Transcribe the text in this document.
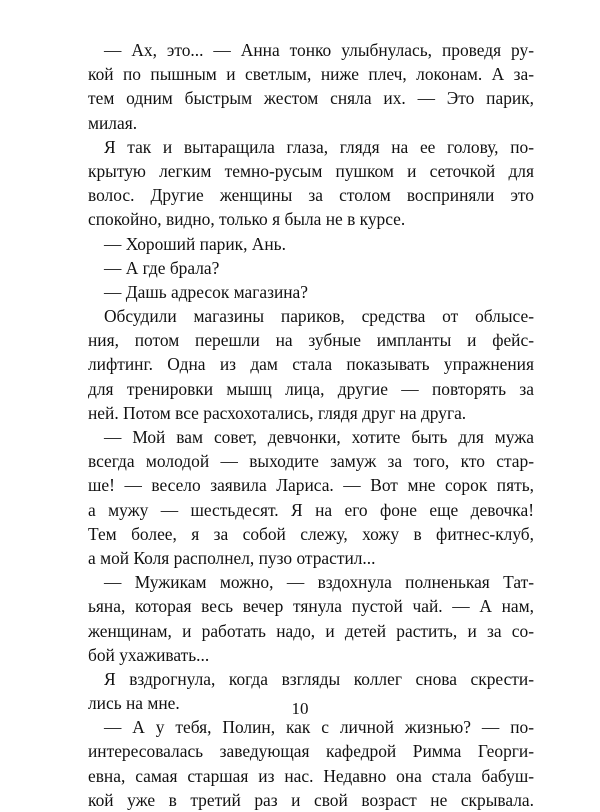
— Ах, это... — Анна тонко улыбнулась, проведя ру-
кой по пышным и светлым, ниже плеч, локонам. А за-
тем одним быстрым жестом сняла их. — Это парик,
милая.
Я так и вытаращила глаза, глядя на ее голову, по-
крытую легким темно-русым пушком и сеточкой для
волос. Другие женщины за столом восприняли это
спокойно, видно, только я была не в курсе.
— Хороший парик, Ань.
— А где брала?
— Дашь адресок магазина?
Обсудили магазины париков, средства от облысе-
ния, потом перешли на зубные импланты и фейс-
лифтинг. Одна из дам стала показывать упражнения
для тренировки мышц лица, другие — повторять за
ней. Потом все расхохотались, глядя друг на друга.
— Мой вам совет, девчонки, хотите быть для мужа
всегда молодой — выходите замуж за того, кто стар-
ше! — весело заявила Лариса. — Вот мне сорок пять,
а мужу — шестьдесят. Я на его фоне еще девочка!
Тем более, я за собой слежу, хожу в фитнес-клуб,
а мой Коля располнел, пузо отрастил...
— Мужикам можно, — вздохнула полненькая Тат-
ьяна, которая весь вечер тянула пустой чай. — А нам,
женщинам, и работать надо, и детей растить, и за со-
бой ухаживать...
Я вздрогнула, когда взгляды коллег снова скрести-
лись на мне.
— А у тебя, Полин, как с личной жизнью? — по-
интересовалась заведующая кафедрой Римма Георги-
евна, самая старшая из нас. Недавно она стала бабуш-
кой уже в третий раз и свой возраст не скрывала.
10
